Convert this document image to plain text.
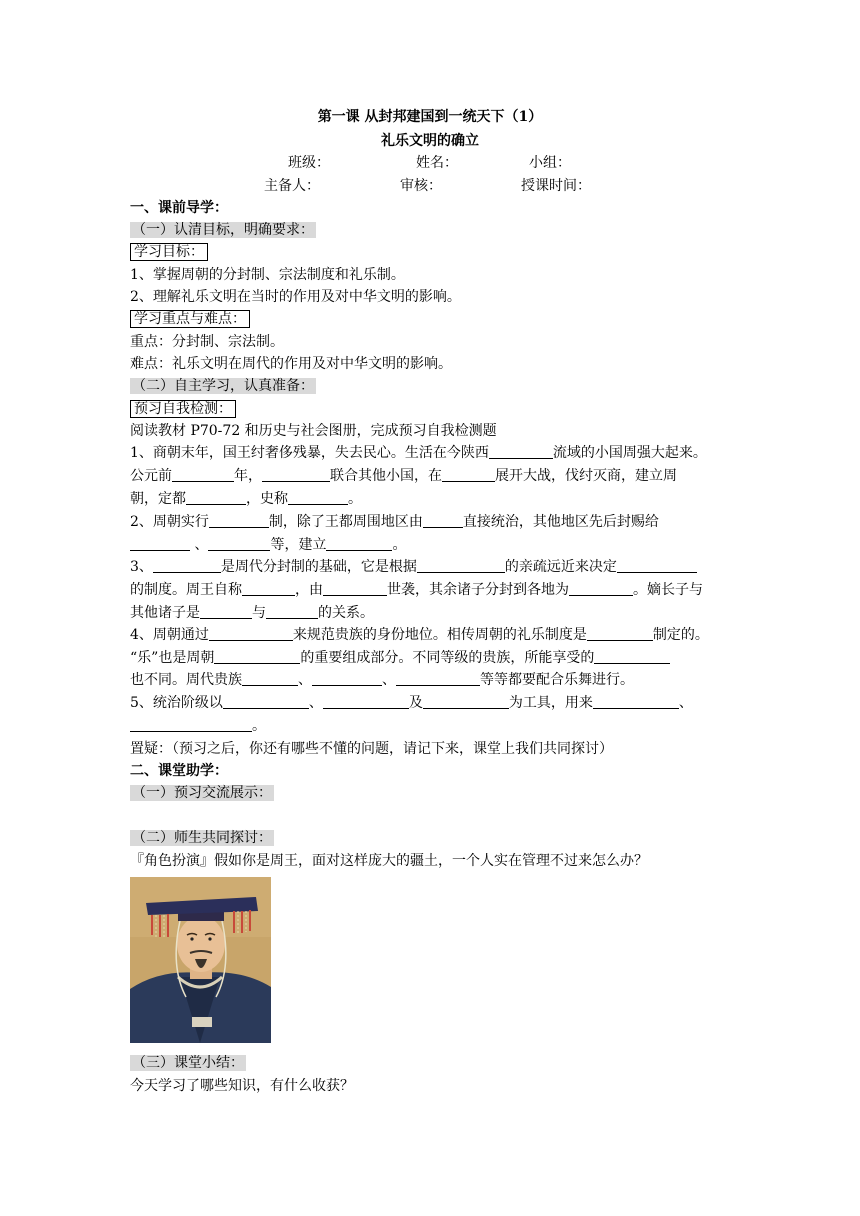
第一课 从封邦建国到一统天下（1）
礼乐文明的确立
班级：	姓名：	小组：
主备人：	审核：	授课时间：
一、课前导学：
（一）认清目标，明确要求：
学习目标：
1、掌握周朝的分封制、宗法制度和礼乐制。
2、理解礼乐文明在当时的作用及对中华文明的影响。
学习重点与难点：
重点：分封制、宗法制。
难点：礼乐文明在周代的作用及对中华文明的影响。
（二）自主学习，认真准备：
预习自我检测：
阅读教材 P70-72 和历史与社会图册，完成预习自我检测题
1、商朝末年，国王纣奢侈残暴，失去民心。生活在今陕西	流域的小国周强大起来。
公元前	年，	联合其他小国，在	展开大战，伐纣灭商，建立周
朝，定都	，史称	。
2、周朝实行	制，除了王都周围地区由	直接统治，其他地区先后封赐给
、	等，建立	。
3、	是周代分封制的基础，它是根据	的亲疏远近来决定
的制度。周王自称	，由	世袭，其余诸子分封到各地为	。嫡长子与
其他诸子是	与	的关系。
4、周朝通过	来规范贵族的身份地位。相传周朝的礼乐制度是	制定的。
“乐”也是周朝	的重要组成部分。不同等级的贵族，所能享受的
也不同。周代贵族	、	、	等等都要配合乐舞进行。
5、统治阶级以	、	及	为工具，用来	、
。
置疑：（预习之后，你还有哪些不懂的问题，请记下来，课堂上我们共同探讨）
二、课堂助学：
（一）预习交流展示：
（二）师生共同探讨：
『角色扮演』假如你是周王，面对这样庞大的疆土，一个人实在管理不过来怎么办？
（三）课堂小结：
今天学习了哪些知识，有什么收获？
